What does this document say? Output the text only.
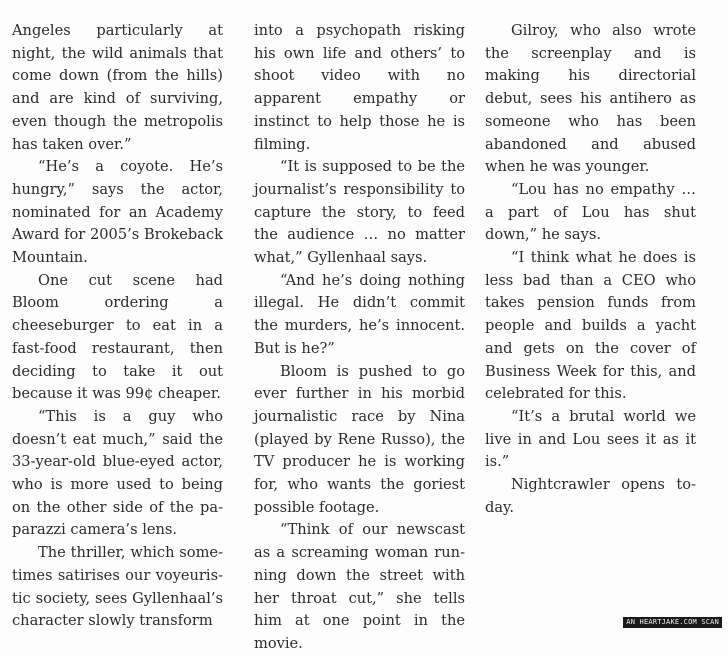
Angeles particularly at night, the wild animals that come down (from the hills) and are kind of surviving, even though the metropolis has taken over.”

“He’s a coyote. He’s hungry,” says the actor, nominated for an Academy Award for 2005’s Brokeback Mountain.

One cut scene had Bloom ordering a cheeseburger to eat in a fast-food restaurant, then deciding to take it out because it was 99¢ cheaper.

“This is a guy who doesn’t eat much,” said the 33-year-old blue-eyed actor, who is more used to being on the other side of the paparazzi camera’s lens.

The thriller, which sometimes satirises our voyeuristic society, sees Gyllenhaal’s character slowly transform

into a psychopath risking his own life and others’ to shoot video with no apparent empathy or instinct to help those he is filming.

“It is supposed to be the journalist’s responsibility to capture the story, to feed the audience … no matter what,” Gyllenhaal says.

“And he’s doing nothing illegal. He didn’t commit the murders, he’s innocent. But is he?”

Bloom is pushed to go ever further in his morbid journalistic race by Nina (played by Rene Russo), the TV producer he is working for, who wants the goriest possible footage.

“Think of our newscast as a screaming woman running down the street with her throat cut,” she tells him at one point in the movie.

Gilroy, who also wrote the screenplay and is making his directorial debut, sees his antihero as someone who has been abandoned and abused when he was younger.

“Lou has no empathy … a part of Lou has shut down,” he says.

“I think what he does is less bad than a CEO who takes pension funds from people and builds a yacht and gets on the cover of Business Week for this, and celebrated for this.

“It’s a brutal world we live in and Lou sees it as it is.”

Nightcrawler opens today.

AN HEARTJAKE.COM SCAN
